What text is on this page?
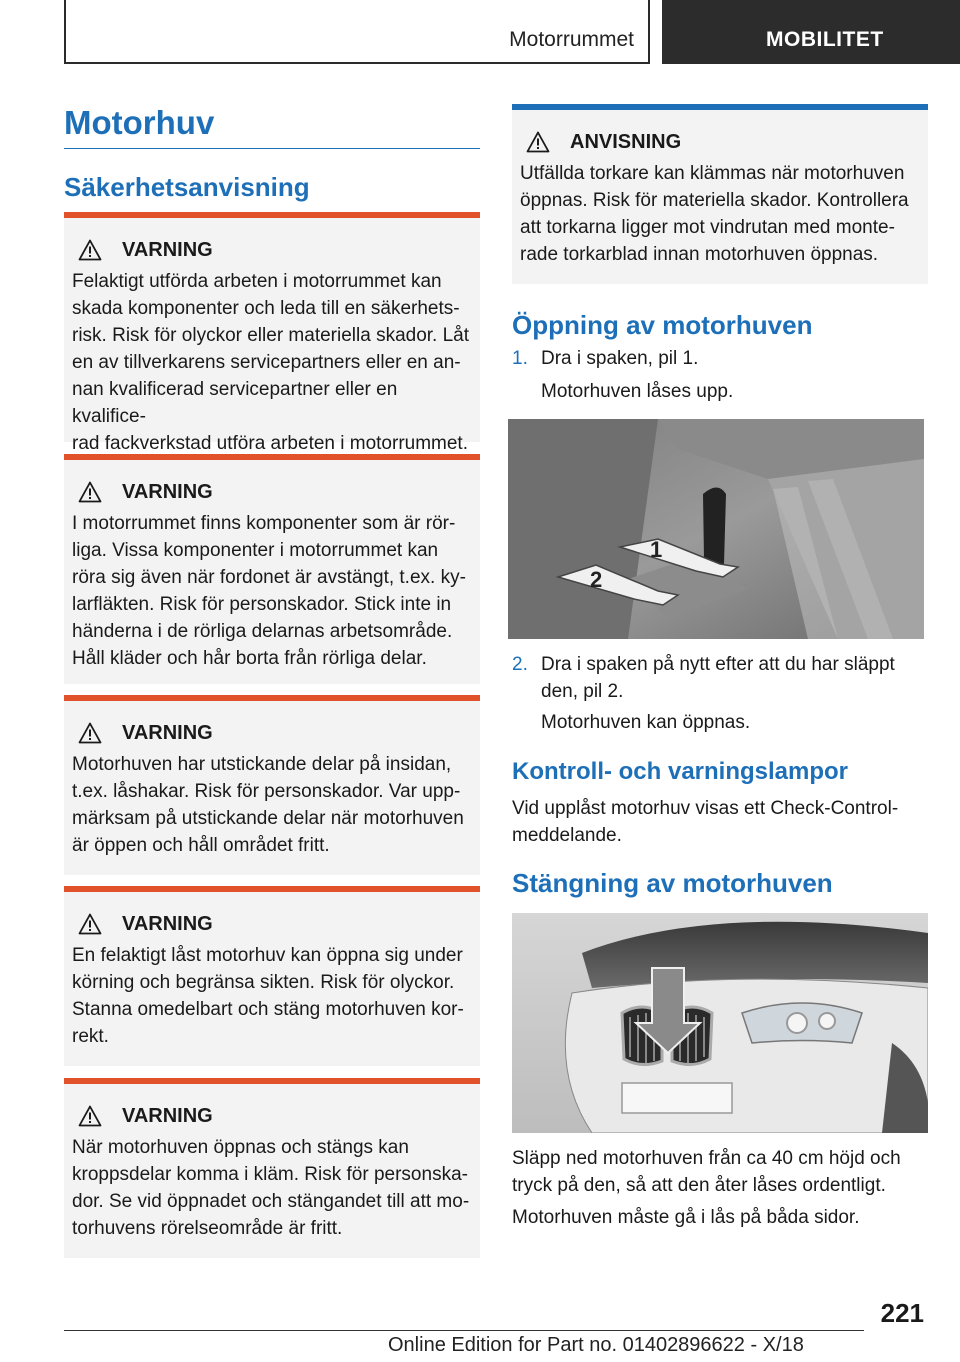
Motorrummet	MOBILITET
Motorhuv
Säkerhetsanvisning
VARNING
Felaktigt utförda arbeten i motorrummet kan
skada komponenter och leda till en säkerhets-
risk. Risk för olyckor eller materiella skador. Låt
en av tillverkarens servicepartners eller en an-
nan kvalificerad servicepartner eller en kvalifice-
rad fackverkstad utföra arbeten i motorrummet.
VARNING
I motorrummet finns komponenter som är rör-
liga. Vissa komponenter i motorrummet kan
röra sig även när fordonet är avstängt, t.ex. ky-
larfläkten. Risk för personskador. Stick inte in
händerna i de rörliga delarnas arbetsområde.
Håll kläder och hår borta från rörliga delar.
VARNING
Motorhuven har utstickande delar på insidan,
t.ex. låshakar. Risk för personskador. Var upp-
märksam på utstickande delar när motorhuven
är öppen och håll området fritt.
VARNING
En felaktigt låst motorhuv kan öppna sig under
körning och begränsa sikten. Risk för olyckor.
Stanna omedelbart och stäng motorhuven kor-
rekt.
VARNING
När motorhuven öppnas och stängs kan
kroppsdelar komma i kläm. Risk för personska-
dor. Se vid öppnadet och stängandet till att mo-
torhuvens rörelseområde är fritt.
ANVISNING
Utfällda torkare kan klämmas när motorhuven
öppnas. Risk för materiella skador. Kontrollera
att torkarna ligger mot vindrutan med monte-
rade torkarblad innan motorhuven öppnas.
Öppning av motorhuven
1. Dra i spaken, pil 1.
Motorhuven låses upp.
1
2
2. Dra i spaken på nytt efter att du har släppt
den, pil 2.
Motorhuven kan öppnas.
Kontroll- och varningslampor
Vid upplåst motorhuv visas ett Check-Control-
meddelande.
Stängning av motorhuven
Släpp ned motorhuven från ca 40 cm höjd och
tryck på den, så att den åter låses ordentligt.
Motorhuven måste gå i lås på båda sidor.
221
Online Edition for Part no. 01402896622 - X/18
